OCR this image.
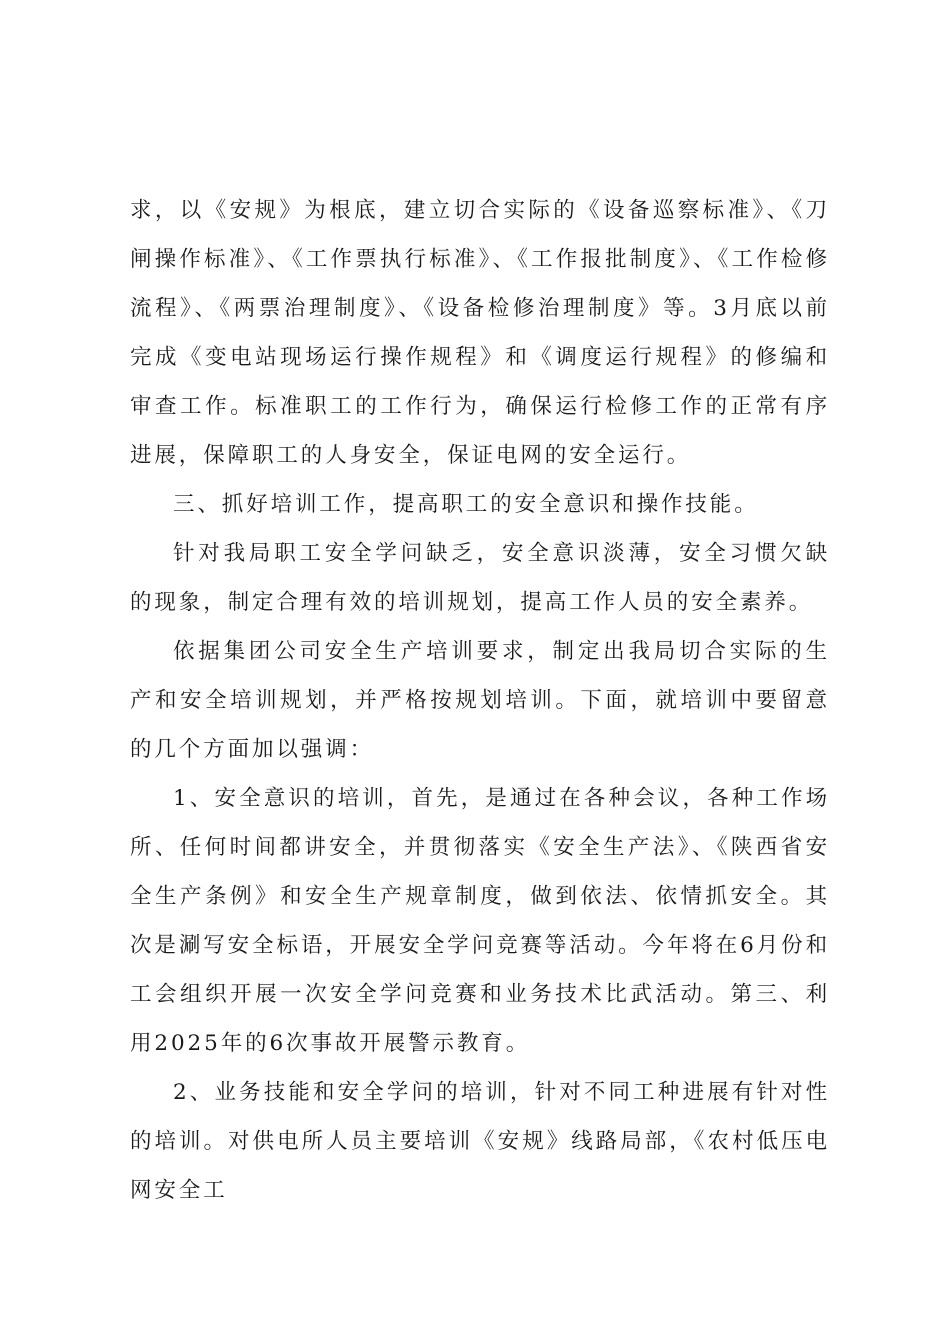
求，以《安规》为根底，建立切合实际的《设备巡察标准》、《刀闸操作标准》、《工作票执行标准》、《工作报批制度》、《工作检修流程》、《两票治理制度》、《设备检修治理制度》等。3月底以前完成《变电站现场运行操作规程》和《调度运行规程》的修编和审查工作。标准职工的工作行为，确保运行检修工作的正常有序进展，保障职工的人身安全，保证电网的安全运行。

三、抓好培训工作，提高职工的安全意识和操作技能。

针对我局职工安全学问缺乏，安全意识淡薄，安全习惯欠缺的现象，制定合理有效的培训规划，提高工作人员的安全素养。

依据集团公司安全生产培训要求，制定出我局切合实际的生产和安全培训规划，并严格按规划培训。下面，就培训中要留意的几个方面加以强调：

1、安全意识的培训，首先，是通过在各种会议，各种工作场所、任何时间都讲安全，并贯彻落实《安全生产法》、《陕西省安全生产条例》和安全生产规章制度，做到依法、依情抓安全。其次是涮写安全标语，开展安全学问竞赛等活动。今年将在6月份和工会组织开展一次安全学问竞赛和业务技术比武活动。第三、利用2025年的6次事故开展警示教育。

2、业务技能和安全学问的培训，针对不同工种进展有针对性的培训。对供电所人员主要培训《安规》线路局部，《农村低压电网安全工
